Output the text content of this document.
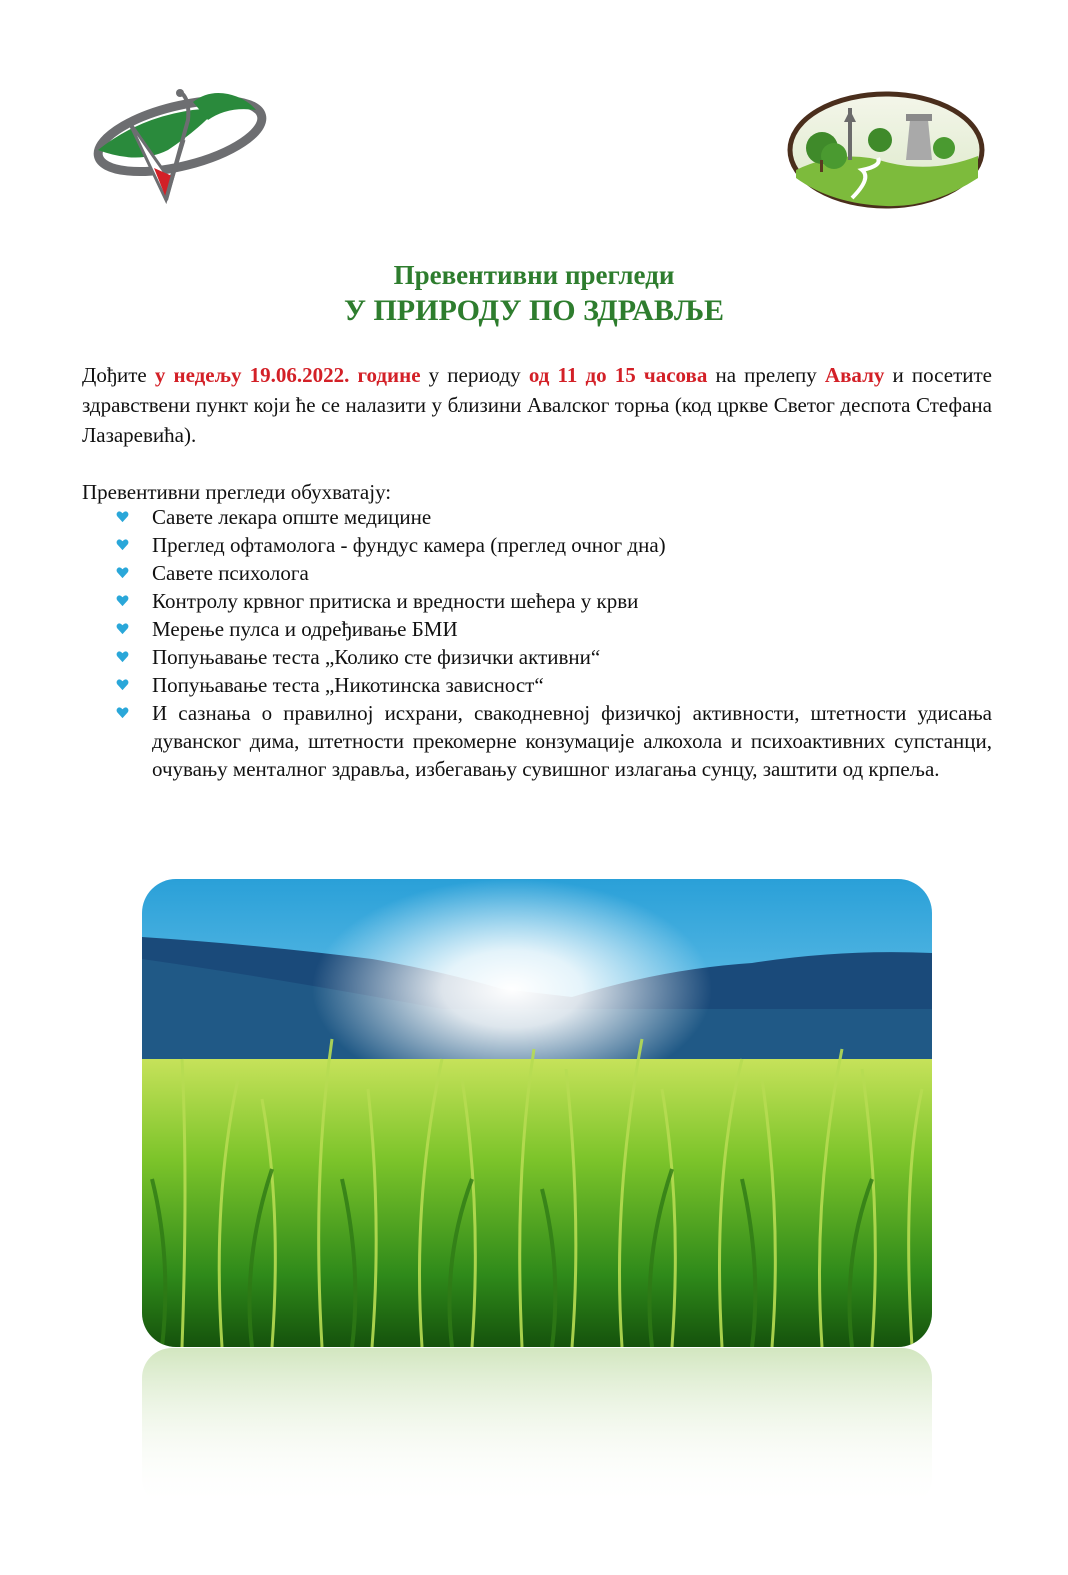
Превентивни прегледи
У ПРИРОДУ ПО ЗДРАВЉЕ
Дођите у недељу 19.06.2022. године у периоду од 11 до 15 часова на прелепу Авалу и посетите здравствени пункт који ће се налазити у близини Авалског торња (код цркве Светог деспота Стефана Лазаревића).
Превентивни прегледи обухватају:
Савете лекара опште медицине
Преглед офтамолога - фундус камера (преглед очног дна)
Савете психолога
Контролу крвног притиска и вредности шећера у крви
Мерење пулса и одређивање БМИ
Попуњавање теста „Колико сте физички активни“
Попуњавање теста „Никотинска зависност“
И сазнања о правилној исхрани, свакодневној физичкој активности, штетности удисања дуванског дима, штетности прекомерне конзумације алкохола и психоактивних супстанци, очувању менталног здравља, избегавању сувишног излагања сунцу, заштити од крпеља.
